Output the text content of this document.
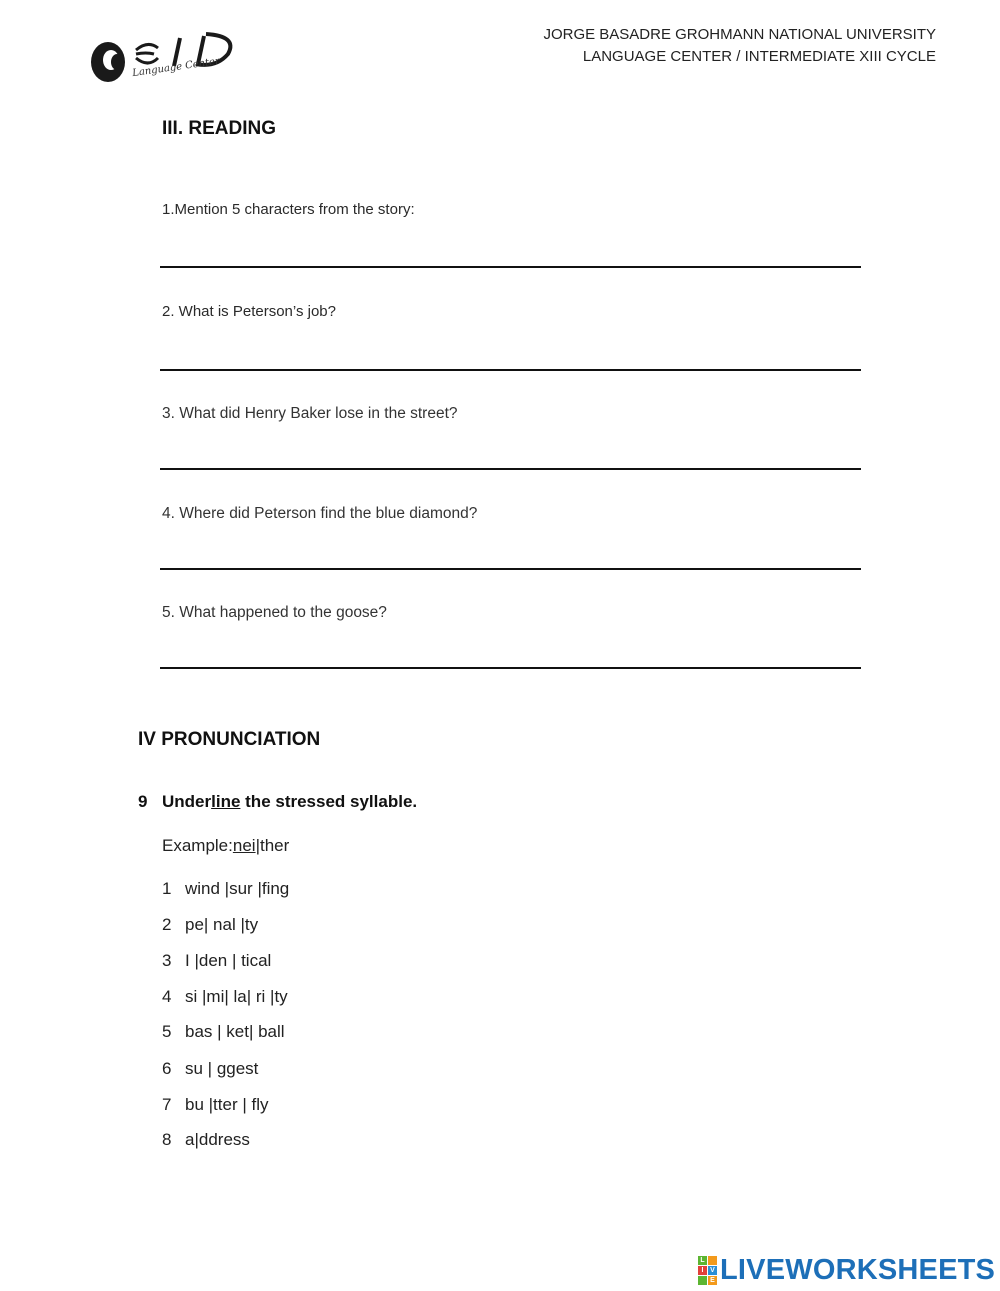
Language Center
JORGE BASADRE GROHMANN NATIONAL UNIVERSITY
LANGUAGE CENTER / INTERMEDIATE XIII CYCLE
III. READING
1.Mention 5 characters from the story:
2. What is Peterson’s job?
3. What did Henry Baker lose in the street?
4. Where did Peterson find the blue diamond?
5. What happened to the goose?
IV PRONUNCIATION
9 Underline the stressed syllable.
Example:nei|ther
1 wind |sur |fing
2 pe| nal |ty
3 I |den | tical
4 si |mi| la| ri |ty
5 bas | ket| ball
6 su | ggest
7 bu |tter | fly
8 a|ddress
L
I V
E LIVEWORKSHEETS
